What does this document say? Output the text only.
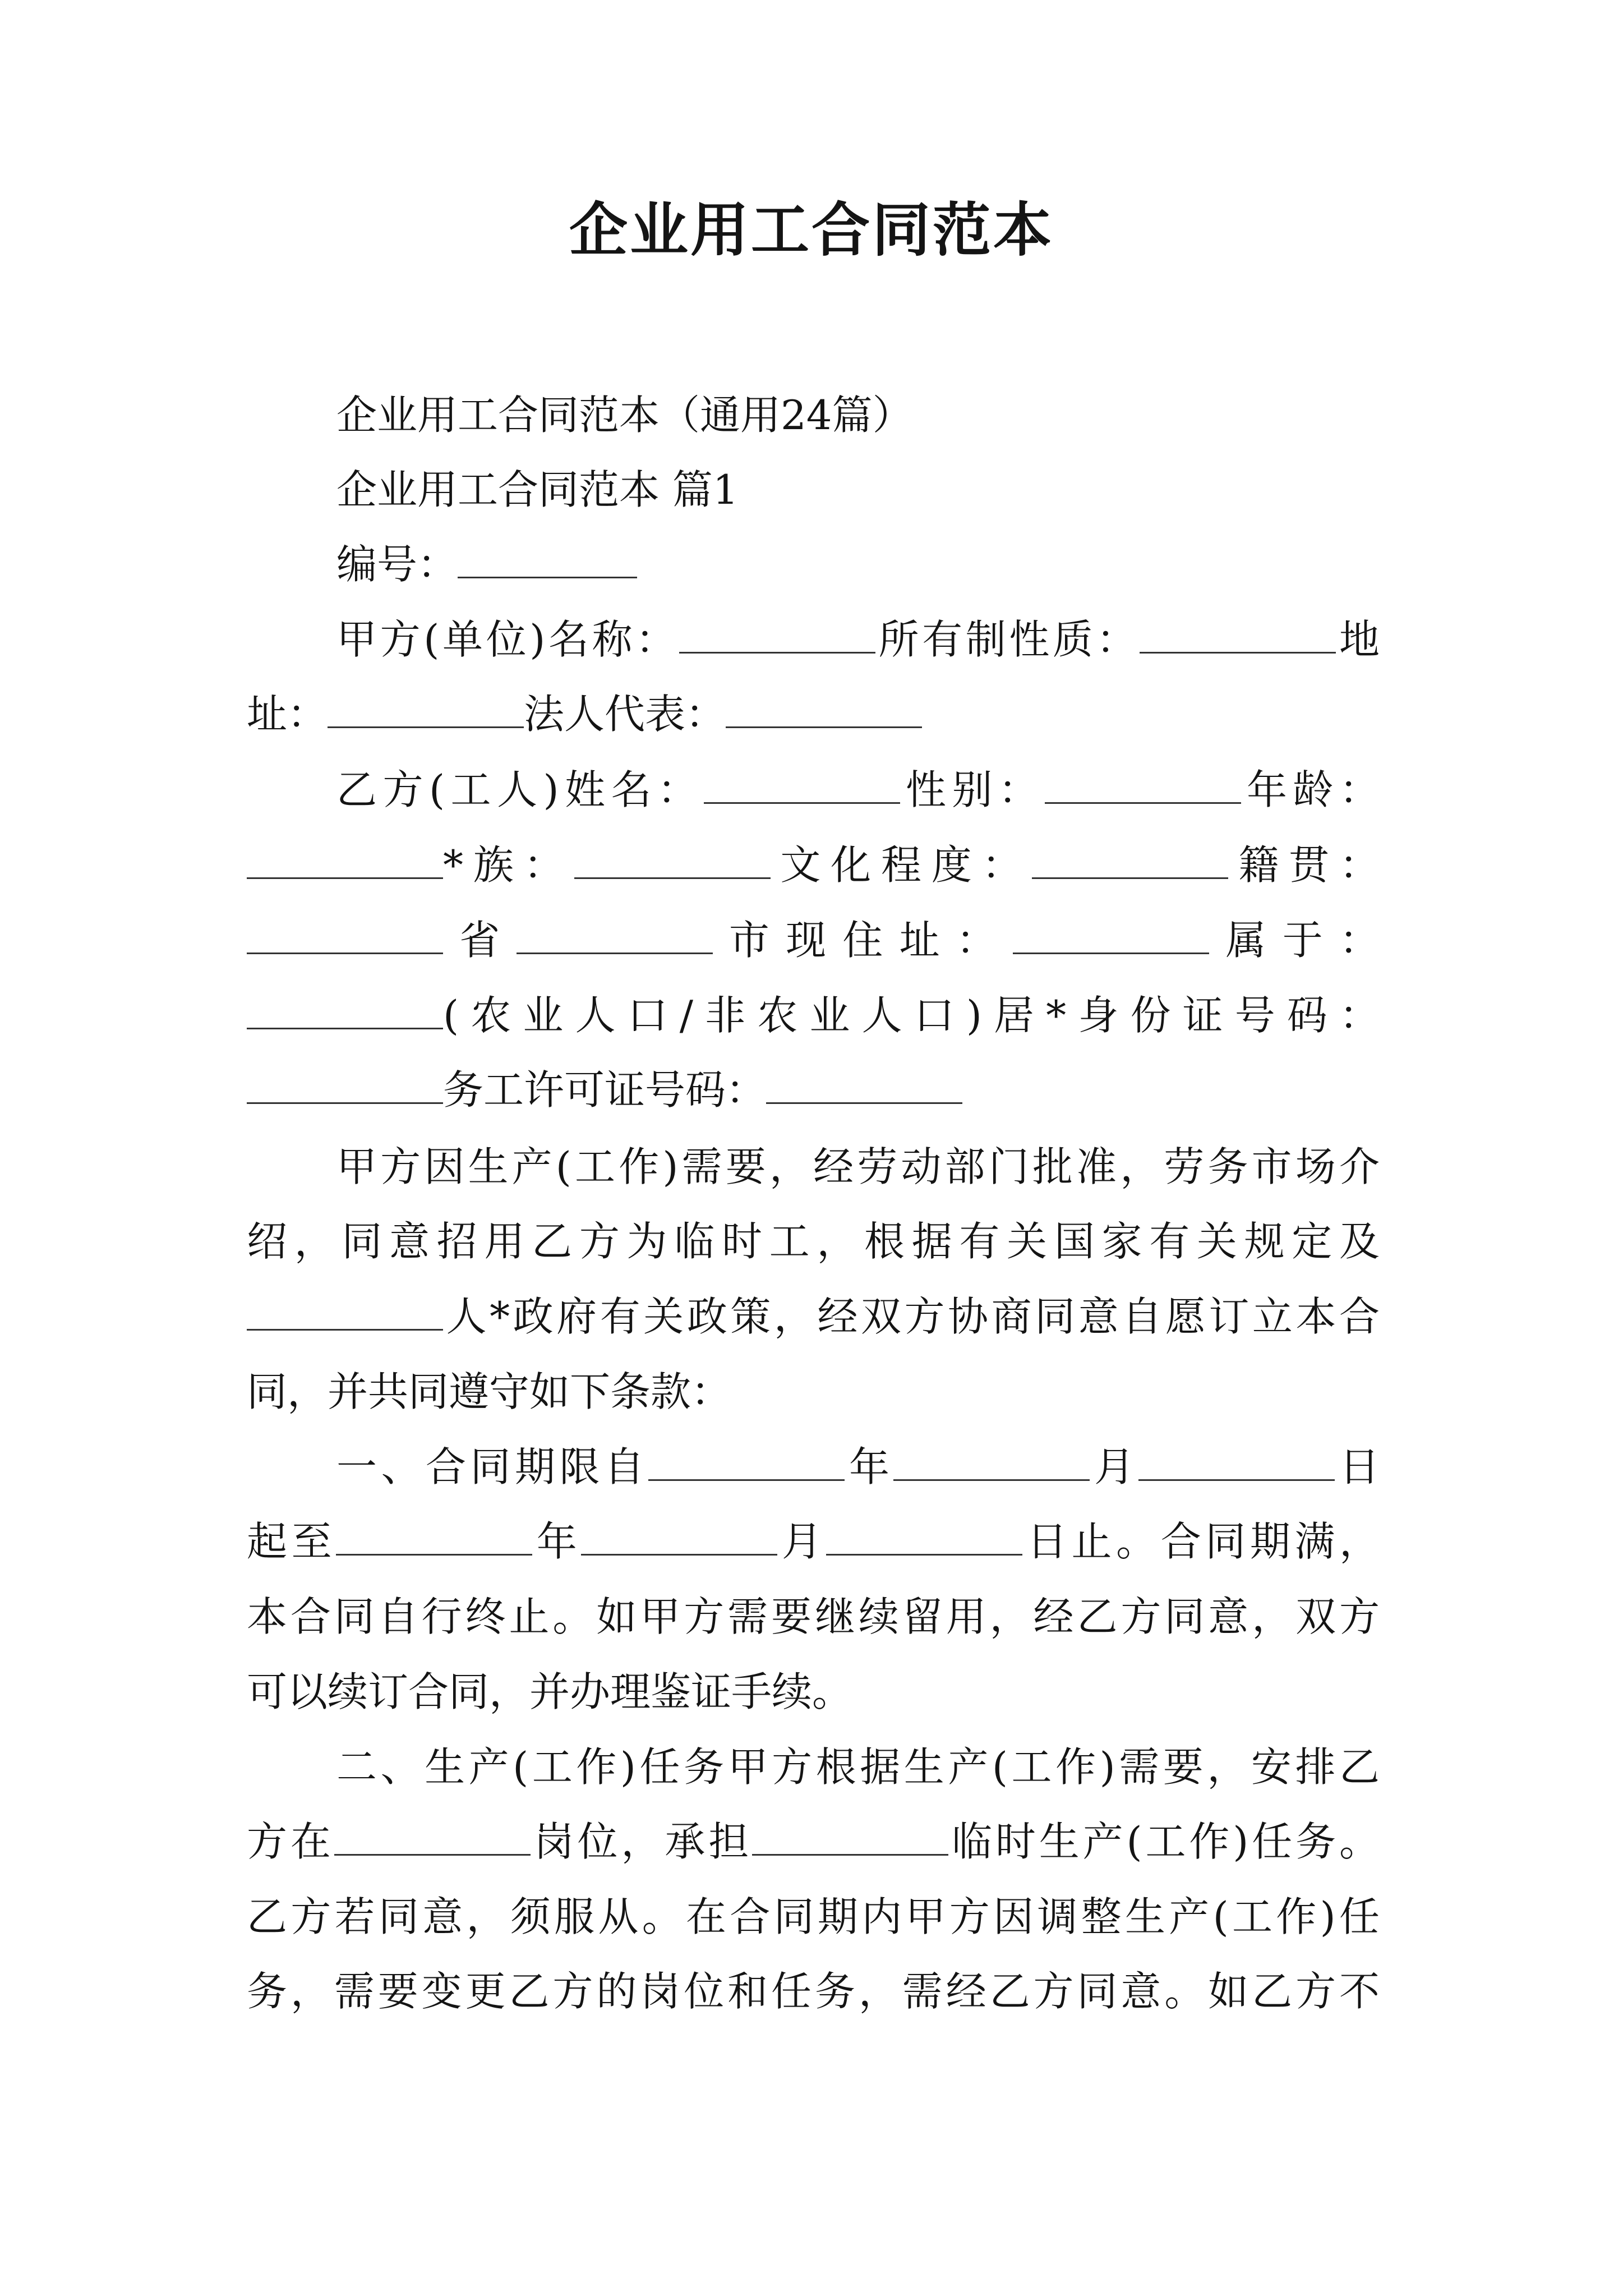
企业用工合同范本
企业用工合同范本（通用24篇）
企业用工合同范本 篇1
编号：
甲方(单位)名称：	所有制性质：	地
址：	法人代表：
乙方(工人)姓名：	性别：	年龄：
*族：	文化程度：	籍贯：
省	市现住址：	属于：
(农业人口/非农业人口)居*身份证号码：
务工许可证号码：
甲方因生产(工作)需要，经劳动部门批准，劳务市场介
绍，同意招用乙方为临时工，根据有关国家有关规定及
人*政府有关政策，经双方协商同意自愿订立本合
同，并共同遵守如下条款：
一、合同期限自	年	月	日
起至	年	月	日止。合同期满，
本合同自行终止。如甲方需要继续留用，经乙方同意，双方
可以续订合同，并办理鉴证手续。
二、生产(工作)任务甲方根据生产(工作)需要，安排乙
方在	岗位，承担	临时生产(工作)任务。
乙方若同意，须服从。在合同期内甲方因调整生产(工作)任
务，需要变更乙方的岗位和任务，需经乙方同意。如乙方不
